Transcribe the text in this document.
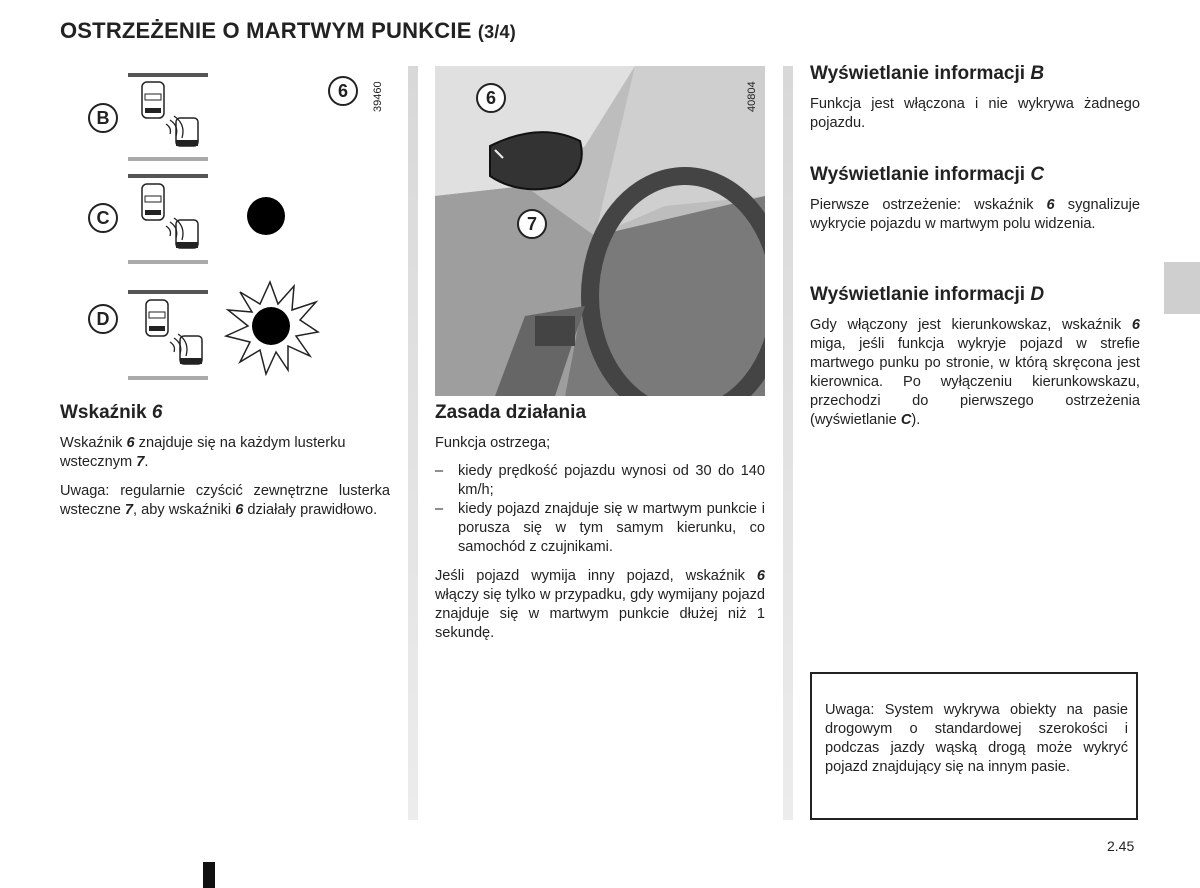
OSTRZEŻENIE O MARTWYM PUNKCIE (3/4)
B
C
D
6	39460	6
7
40804
Wskaźnik 6

Wskaźnik 6 znajduje się na każdym lusterku wstecznym 7.

Uwaga: regularnie czyścić zewnętrzne lusterka wsteczne 7, aby wskaźniki 6 działały prawidłowo.

Zasada działania

Funkcja ostrzega;

– kiedy prędkość pojazdu wynosi od 30 do 140 km/h;
– kiedy pojazd znajduje się w martwym punkcie i porusza się w tym samym kierunku, co samochód z czujnikami.

Jeśli pojazd wymija inny pojazd, wskaźnik 6 włączy się tylko w przypadku, gdy wymijany pojazd znajduje się w martwym punkcie dłużej niż 1 sekundę.

Wyświetlanie informacji B

Funkcja jest włączona i nie wykrywa żadnego pojazdu.

Wyświetlanie informacji C

Pierwsze ostrzeżenie: wskaźnik 6 sygnalizuje wykrycie pojazdu w martwym polu widzenia.

Wyświetlanie informacji D

Gdy włączony jest kierunkowskaz, wskaźnik 6 miga, jeśli funkcja wykryje pojazd w strefie martwego punku po stronie, w którą skręcona jest kierownica. Po wyłączeniu kierunkowskazu, przechodzi do pierwszego ostrzeżenia (wyświetlanie C).

Uwaga: System wykrywa obiekty na pasie drogowym o standardowej szerokości i podczas jazdy wąską drogą może wykryć pojazd znajdujący się na innym pasie.

2.45
